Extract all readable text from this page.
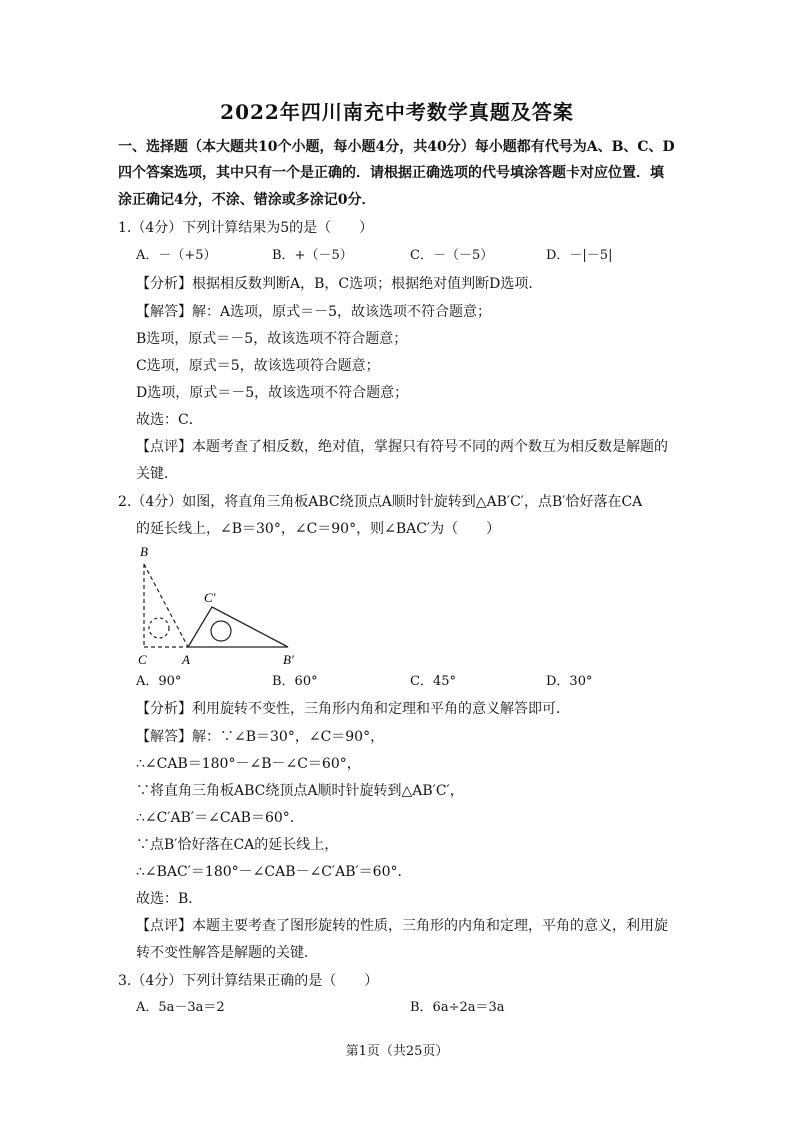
2022年四川南充中考数学真题及答案
一、选择题（本大题共10个小题，每小题4分，共40分）每小题都有代号为A、B、C、D
四个答案选项，其中只有一个是正确的．请根据正确选项的代号填涂答题卡对应位置．填
涂正确记4分，不涂、错涂或多涂记0分．
1.（4分）下列计算结果为5的是（　　）
A．－（+5）	B．+（－5）	C．－（－5）	D．－|－5|
【分析】根据相反数判断A，B，C选项；根据绝对值判断D选项．
【解答】解：A选项，原式＝－5，故该选项不符合题意；
B选项，原式＝－5，故该选项不符合题意；
C选项，原式＝5，故该选项符合题意；
D选项，原式＝－5，故该选项不符合题意；
故选：C．
【点评】本题考查了相反数，绝对值，掌握只有符号不同的两个数互为相反数是解题的
关键．
2.（4分）如图，将直角三角板ABC绕顶点A顺时针旋转到△AB′C′，点B′恰好落在CA
的延长线上，∠B＝30°，∠C＝90°，则∠BAC′为（　　）
B
C	A
C′
B′
A．90°	B．60°	C．45°	D．30°
【分析】利用旋转不变性，三角形内角和定理和平角的意义解答即可．
【解答】解：∵∠B＝30°，∠C＝90°，
∴∠CAB＝180°－∠B－∠C＝60°，
∵将直角三角板ABC绕顶点A顺时针旋转到△AB′C′，
∴∠C′AB′＝∠CAB＝60°．
∵点B′恰好落在CA的延长线上，
∴∠BAC′＝180°－∠CAB－∠C′AB′＝60°．
故选：B．
【点评】本题主要考查了图形旋转的性质，三角形的内角和定理，平角的意义，利用旋
转不变性解答是解题的关键．
3.（4分）下列计算结果正确的是（　　）
A．5a－3a＝2	B．6a÷2a＝3a
第1页（共25页）
